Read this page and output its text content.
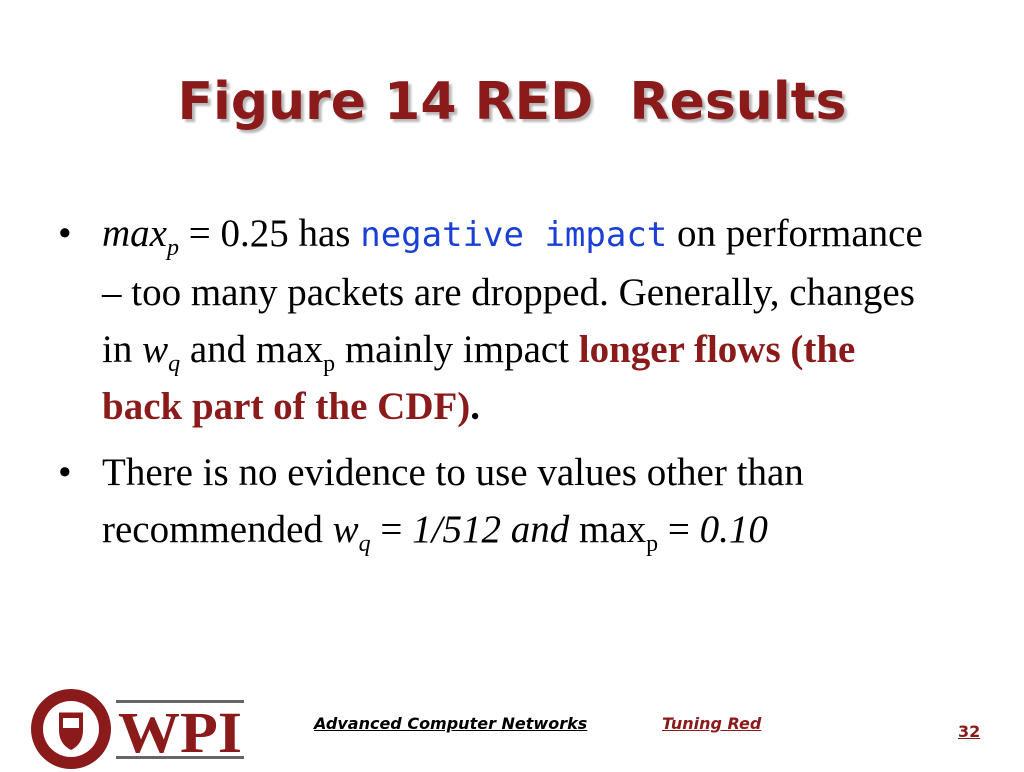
Figure 14 RED  Results
• $\max_p = 0.25$ has negative impact on performance – too many packets are dropped. Generally, changes in $w_q$ and $\max_p$ mainly impact longer flows (the back part of the CDF).
• There is no evidence to use values other than recommended $w_q = 1/512$ and $\max_p = 0.10$
WPI	Advanced Computer Networks	Tuning Red	32
